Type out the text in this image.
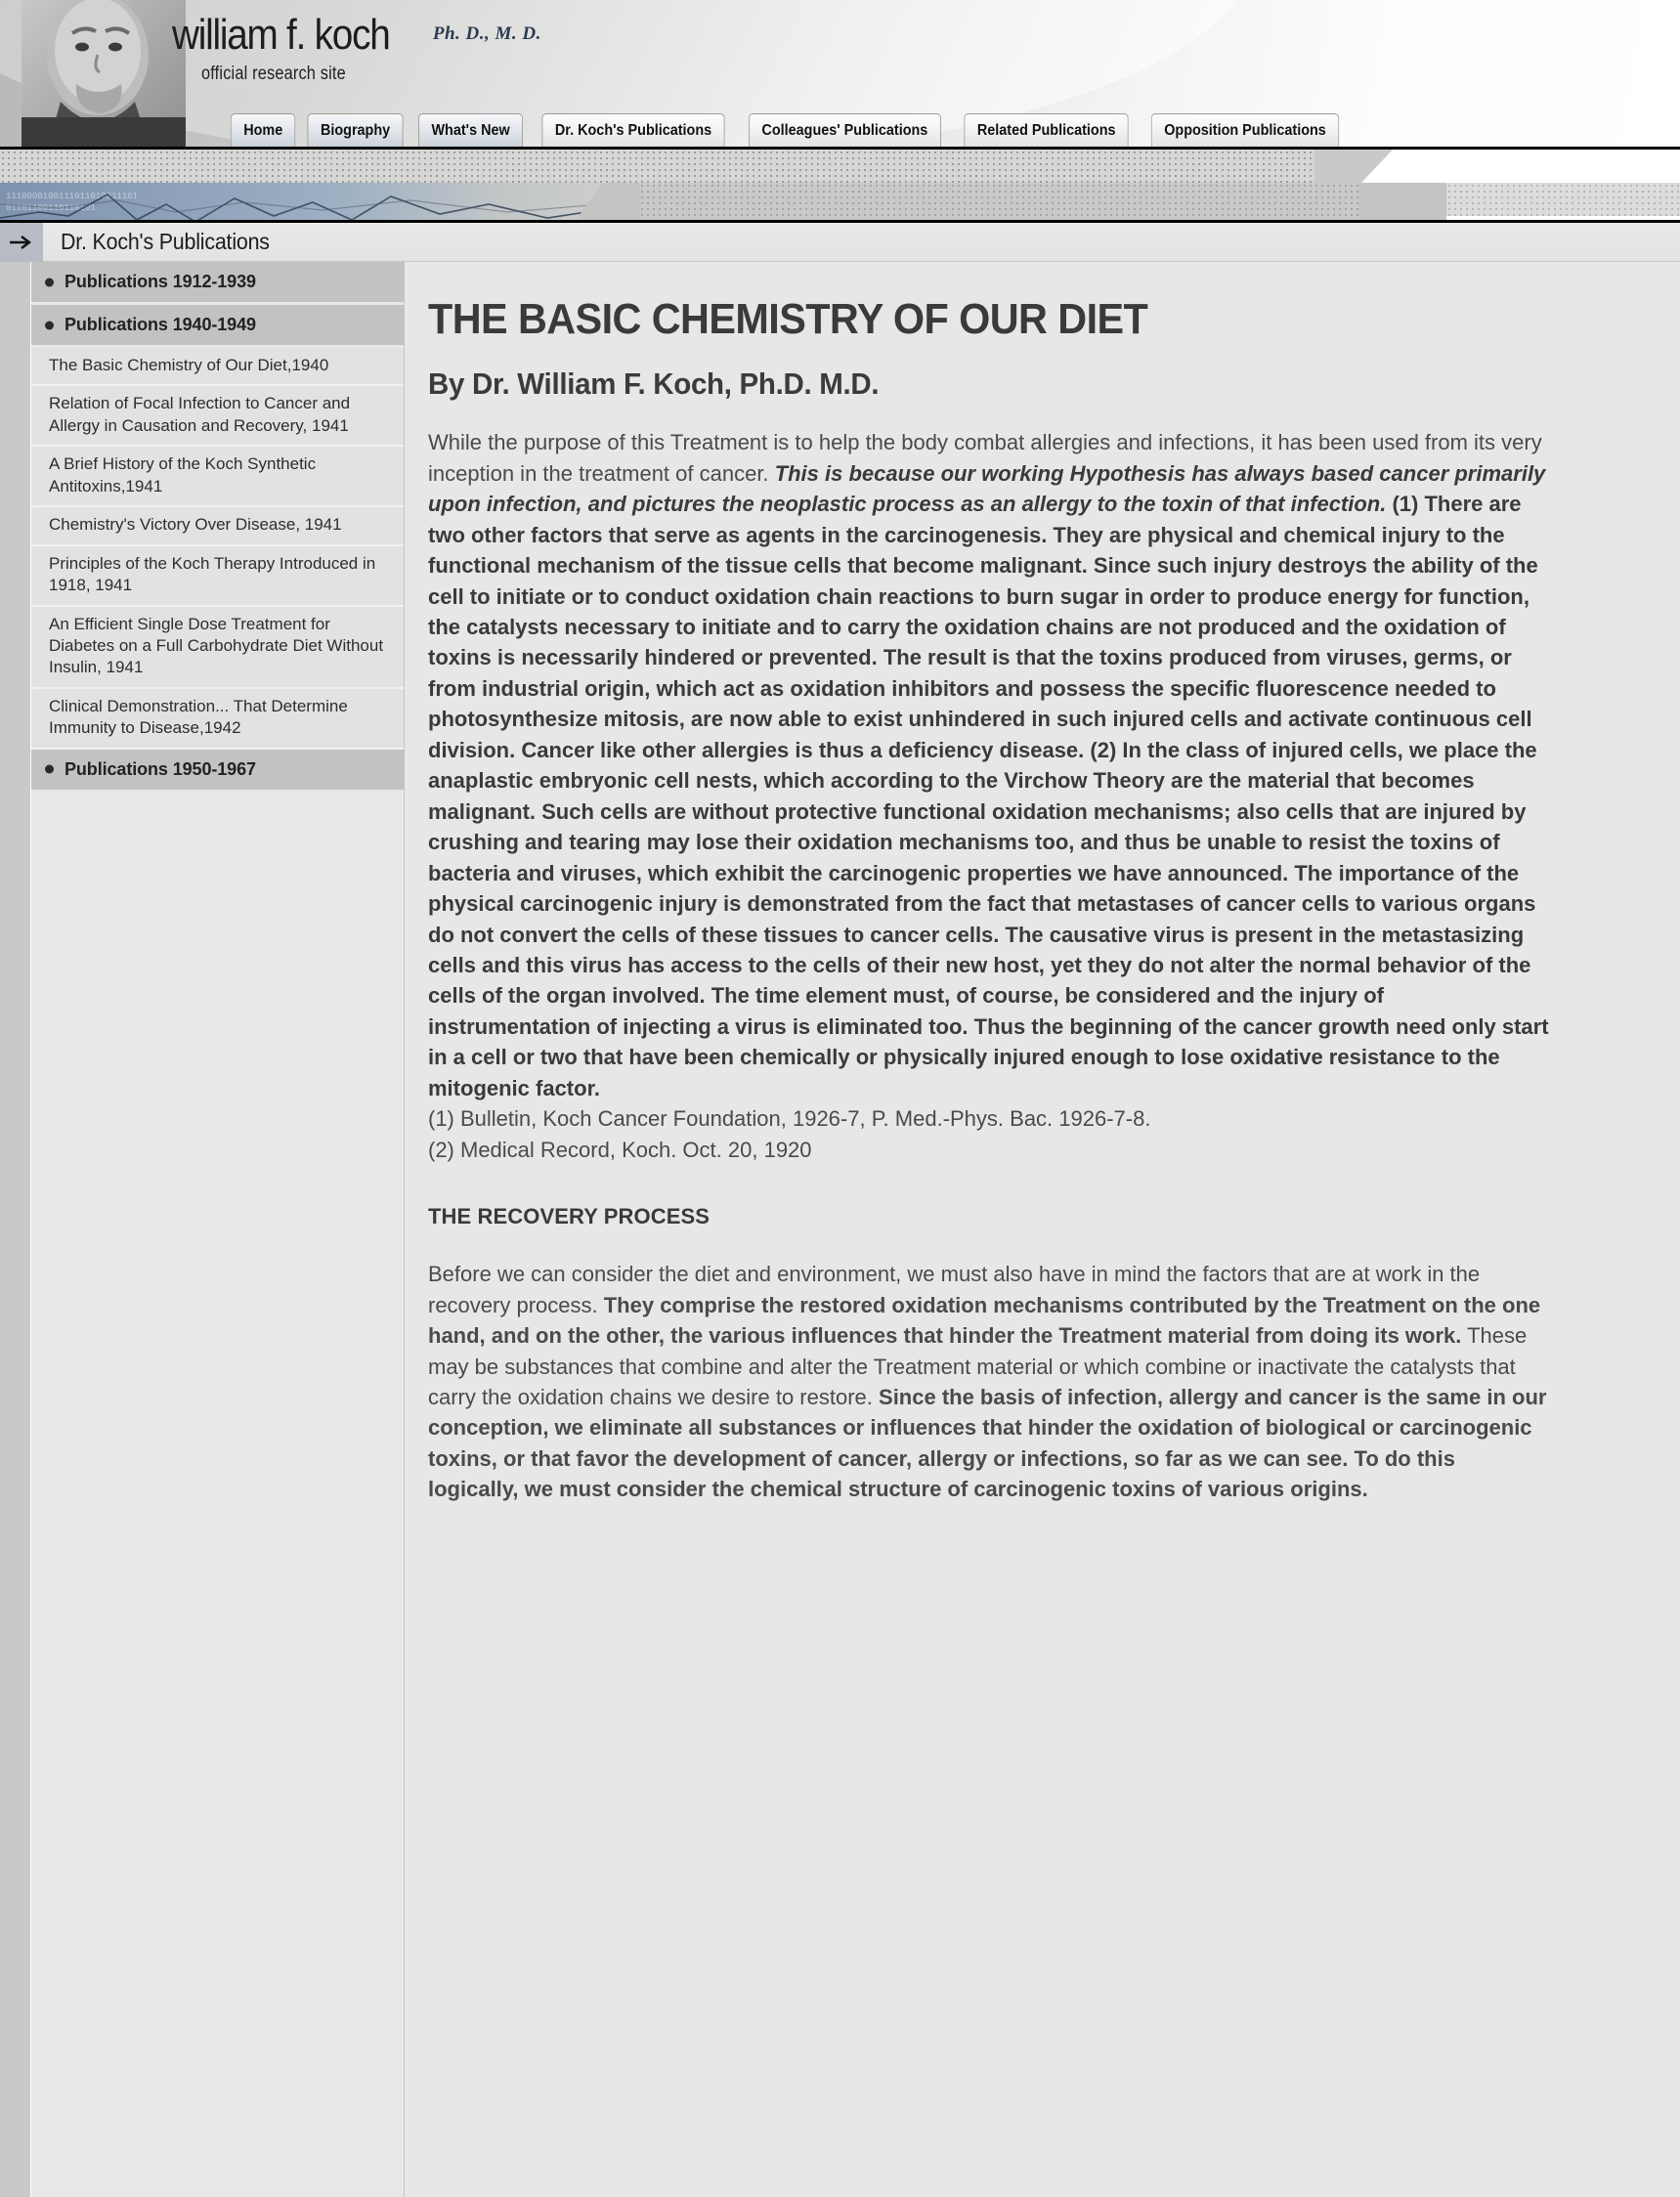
william f. koch Ph. D., M. D.
official research site
Home Biography	What's New	Dr. Koch's Publications	Colleagues' Publications	Related Publications	Opposition Publications
1110000100111011010011101
01101100110110101
Dr. Koch's Publications
Publications 1912-1939
Publications 1940-1949
The Basic Chemistry of Our Diet,1940
Relation of Focal Infection to Cancer and Allergy in Causation and Recovery, 1941
A Brief History of the Koch Synthetic Antitoxins,1941
Chemistry's Victory Over Disease, 1941
Principles of the Koch Therapy Introduced in 1918, 1941
An Efficient Single Dose Treatment for Diabetes on a Full Carbohydrate Diet Without Insulin, 1941
Clinical Demonstration... That Determine Immunity to Disease,1942
Publications 1950-1967
THE BASIC CHEMISTRY OF OUR DIET
By Dr. William F. Koch, Ph.D. M.D.

While the purpose of this Treatment is to help the body combat allergies and infections, it has been used from its very inception in the treatment of cancer. This is because our working Hypothesis has always based cancer primarily upon infection, and pictures the neoplastic process as an allergy to the toxin of that infection. (1) There are two other factors that serve as agents in the carcinogenesis. They are physical and chemical injury to the functional mechanism of the tissue cells that become malignant. Since such injury destroys the ability of the cell to initiate or to conduct oxidation chain reactions to burn sugar in order to produce energy for function, the catalysts necessary to initiate and to carry the oxidation chains are not produced and the oxidation of toxins is necessarily hindered or prevented. The result is that the toxins produced from viruses, germs, or from industrial origin, which act as oxidation inhibitors and possess the specific fluorescence needed to photosynthesize mitosis, are now able to exist unhindered in such injured cells and activate continuous cell division. Cancer like other allergies is thus a deficiency disease. (2) In the class of injured cells, we place the anaplastic embryonic cell nests, which according to the Virchow Theory are the material that becomes malignant. Such cells are without protective functional oxidation mechanisms; also cells that are injured by crushing and tearing may lose their oxidation mechanisms too, and thus be unable to resist the toxins of bacteria and viruses, which exhibit the carcinogenic properties we have announced. The importance of the physical carcinogenic injury is demonstrated from the fact that metastases of cancer cells to various organs do not convert the cells of these tissues to cancer cells. The causative virus is present in the metastasizing cells and this virus has access to the cells of their new host, yet they do not alter the normal behavior of the cells of the organ involved. The time element must, of course, be considered and the injury of instrumentation of injecting a virus is eliminated too. Thus the beginning of the cancer growth need only start in a cell or two that have been chemically or physically injured enough to lose oxidative resistance to the mitogenic factor.

(1) Bulletin, Koch Cancer Foundation, 1926-7, P. Med.-Phys. Bac. 1926-7-8.
(2) Medical Record, Koch. Oct. 20, 1920
THE RECOVERY PROCESS

Before we can consider the diet and environment, we must also have in mind the factors that are at work in the recovery process. They comprise the restored oxidation mechanisms contributed by the Treatment on the one hand, and on the other, the various influences that hinder the Treatment material from doing its work. These may be substances that combine and alter the Treatment material or which combine or inactivate the catalysts that carry the oxidation chains we desire to restore. Since the basis of infection, allergy and cancer is the same in our conception, we eliminate all substances or influences that hinder the oxidation of biological or carcinogenic toxins, or that favor the development of cancer, allergy or infections, so far as we can see. To do this logically, we must consider the chemical structure of carcinogenic toxins of various origins.
